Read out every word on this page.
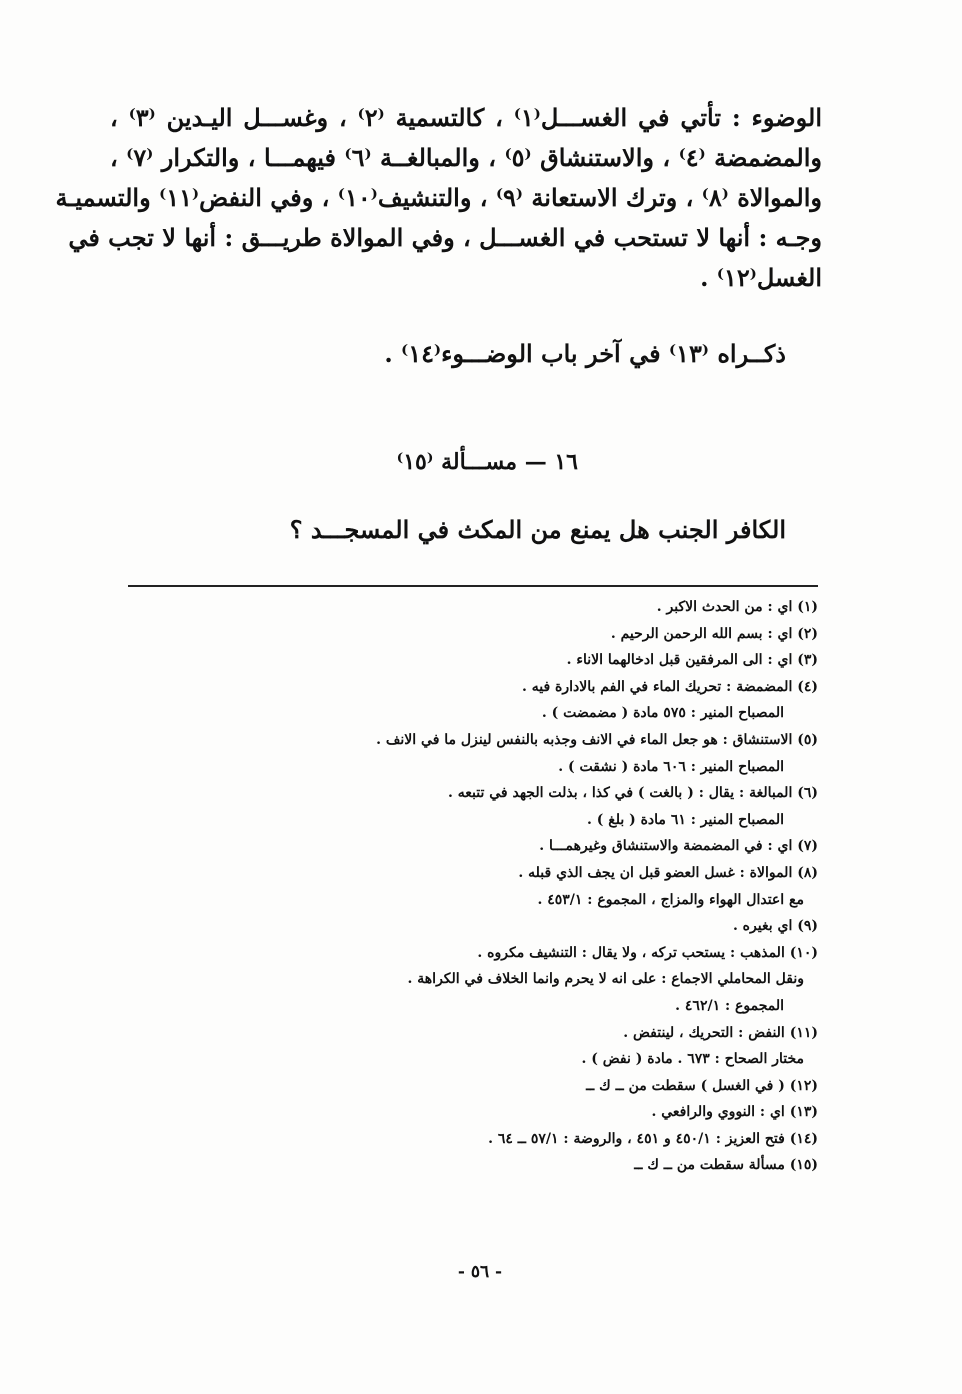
الوضوء : تأتي في الغســـل⁽١⁾ ، كالتسمية ⁽٢⁾ ، وغســـل اليـدين ⁽٣⁾ ،
والمضمضة ⁽٤⁾ ، والاستنشاق ⁽٥⁾ ، والمبالغــة ⁽٦⁾ فيهمـــا ، والتكرار ⁽٧⁾ ،
والموالاة ⁽٨⁾ ، وترك الاستعانة ⁽٩⁾ ، والتنشيف⁽١٠⁾ ، وفي النفض⁽١١⁾ والتسميـة
وجـه : أنها لا تستحب في الغســـل ، وفي الموالاة طريـــق : أنها لا تجب في
الغسل⁽١٢⁾ .
ذكــراه ⁽١٣⁾ في آخر باب الوضـــوء⁽١٤⁾ .
١٦ — مســـألة ⁽١٥⁾
الكافر الجنب هل يمنع من المكث في المسجـــد ؟
(١) اي : من الحدث الاكبر .
(٢) اي : بسم الله الرحمن الرحيم .
(٣) اي : الى المرفقين قبل ادخالهما الاناء .
(٤) المضمضة : تحريك الماء في الفم بالادارة فيه .
المصباح المنير : ٥٧٥ مادة ( مضمضت ) .
(٥) الاستنشاق : هو جعل الماء في الانف وجذبه بالنفس لينزل ما في الانف .
المصباح المنير : ٦٠٦ مادة ( نشقت ) .
(٦) المبالغة : يقال : ( بالغت ) في كذا ، بذلت الجهد في تتبعه .
المصباح المنير : ٦١ مادة ( بلغ ) .
(٧) اي : في المضمضة والاستنشاق وغيرهمـــا .
(٨) الموالاة : غسل العضو قبل ان يجف الذي قبله .
مع اعتدال الهواء والمزاج ، المجموع : ٤٥٣/١ .
(٩) اي بغيره .
(١٠) المذهب : يستحب تركه ، ولا يقال : التنشيف مكروه .
ونقل المحاملي الاجماع : على انه لا يحرم وانما الخلاف في الكراهة .
المجموع : ٤٦٢/١ .
(١١) النفض : التحريك ، لينتفض .
مختار الصحاح : ٦٧٣ . مادة ( نفض ) .
(١٢) ( في الغسل ) سقطت من ــ ك ــ
(١٣) اي : النووي والرافعي .
(١٤) فتح العزيز : ٤٥٠/١ و ٤٥١ ، والروضة : ٥٧/١ ــ ٦٤ .
(١٥) مسألة سقطت من ــ ك ــ
- ٥٦ -
